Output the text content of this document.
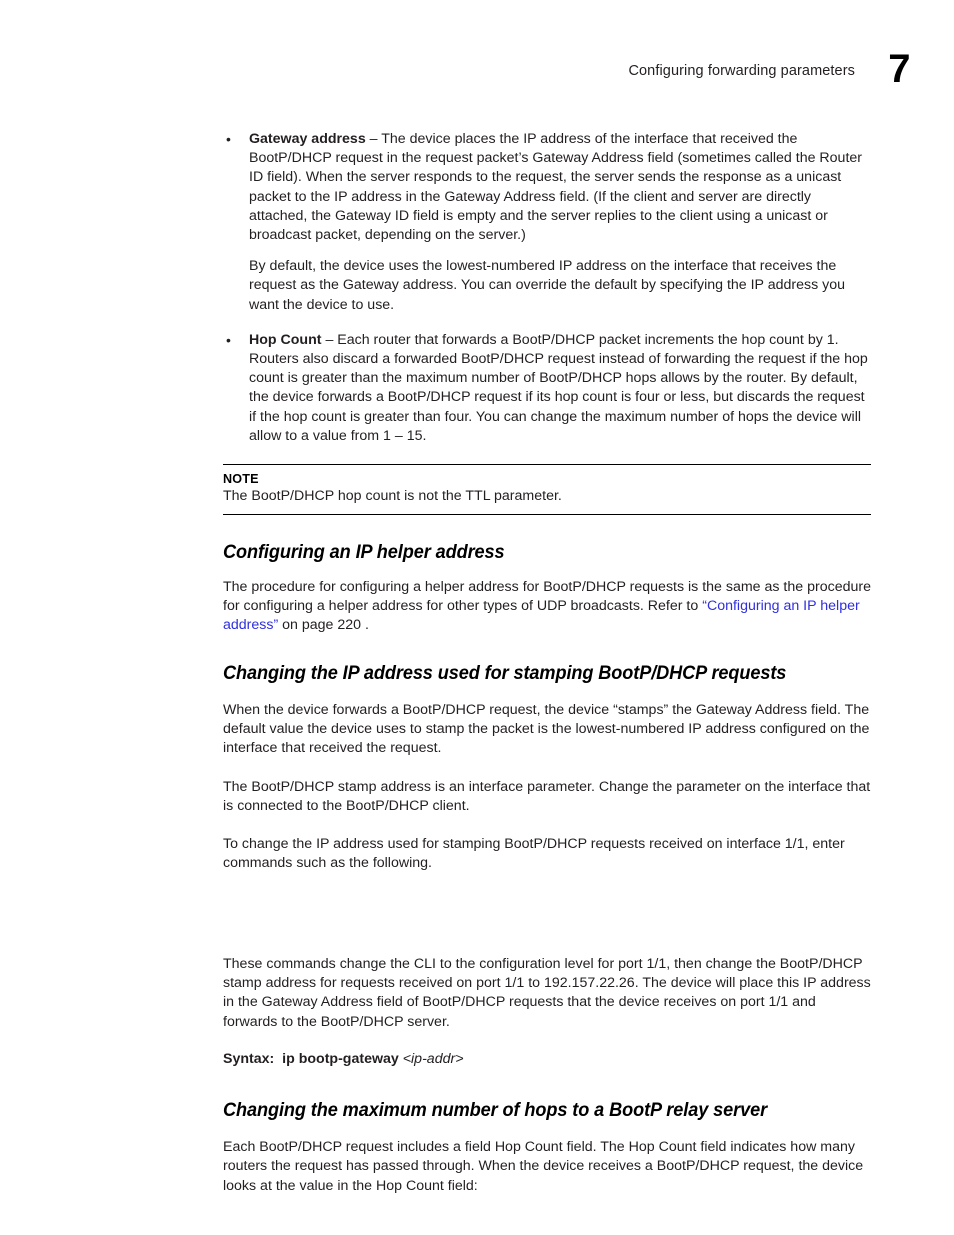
Configuring forwarding parameters 7
• Gateway address – The device places the IP address of the interface that received the BootP/DHCP request in the request packet’s Gateway Address field (sometimes called the Router ID field). When the server responds to the request, the server sends the response as a unicast packet to the IP address in the Gateway Address field. (If the client and server are directly attached, the Gateway ID field is empty and the server replies to the client using a unicast or broadcast packet, depending on the server.)
By default, the device uses the lowest-numbered IP address on the interface that receives the request as the Gateway address. You can override the default by specifying the IP address you want the device to use.
• Hop Count – Each router that forwards a BootP/DHCP packet increments the hop count by 1. Routers also discard a forwarded BootP/DHCP request instead of forwarding the request if the hop count is greater than the maximum number of BootP/DHCP hops allows by the router. By default, the device forwards a BootP/DHCP request if its hop count is four or less, but discards the request if the hop count is greater than four. You can change the maximum number of hops the device will allow to a value from 1 – 15.
NOTE
The BootP/DHCP hop count is not the TTL parameter.
Configuring an IP helper address
The procedure for configuring a helper address for BootP/DHCP requests is the same as the procedure for configuring a helper address for other types of UDP broadcasts. Refer to “Configuring an IP helper address” on page 220 .
Changing the IP address used for stamping BootP/DHCP requests
When the device forwards a BootP/DHCP request, the device “stamps” the Gateway Address field. The default value the device uses to stamp the packet is the lowest-numbered IP address configured on the interface that received the request.
The BootP/DHCP stamp address is an interface parameter. Change the parameter on the interface that is connected to the BootP/DHCP client.
To change the IP address used for stamping BootP/DHCP requests received on interface 1/1, enter commands such as the following.
These commands change the CLI to the configuration level for port 1/1, then change the BootP/DHCP stamp address for requests received on port 1/1 to 192.157.22.26. The device will place this IP address in the Gateway Address field of BootP/DHCP requests that the device receives on port 1/1 and forwards to the BootP/DHCP server.
Syntax: ip bootp-gateway <ip-addr>
Changing the maximum number of hops to a BootP relay server
Each BootP/DHCP request includes a field Hop Count field. The Hop Count field indicates how many routers the request has passed through. When the device receives a BootP/DHCP request, the device looks at the value in the Hop Count field:
